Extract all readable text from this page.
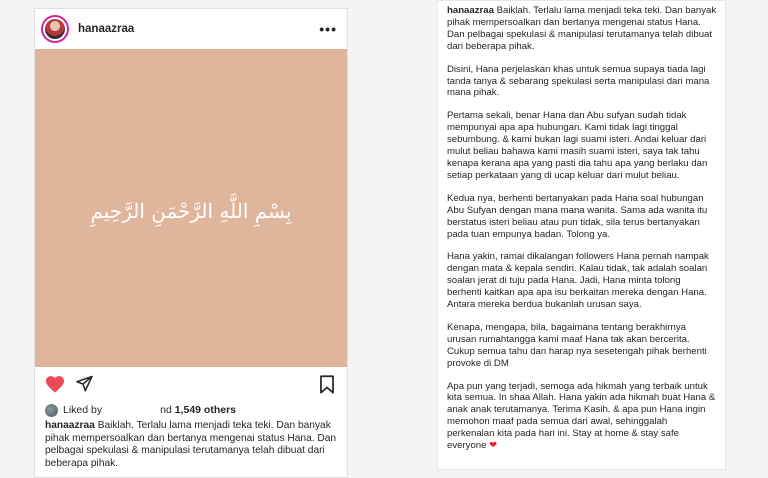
hanaazraa	•••
بِسْمِ اللَّهِ الرَّحْمَنِ الرَّحِيمِ
Liked by	nd
1,549 others
hanaazraa Baiklah. Terlalu lama menjadi teka teki. Dan banyak pihak mempersoalkan dan bertanya mengenai status Hana. Dan pelbagai spekulasi & manipulasi terutamanya telah dibuat dari beberapa pihak.

hanaazraa Baiklah. Terlalu lama menjadi teka teki. Dan banyak pihak mempersoalkan dan bertanya mengenai status Hana. Dan pelbagai spekulasi & manipulasi terutamanya telah dibuat dari beberapa pihak.

Disini, Hana perjelaskan khas untuk semua supaya tiada lagi tanda tanya & sebarang spekulasi serta manipulasi dari mana mana pihak.

Pertama sekali, benar Hana dan Abu sufyan sudah tidak mempunyai apa apa hubungan. Kami tidak lagi tinggal sebumbung. & kami bukan lagi suami isteri. Andai keluar dari mulut beliau bahawa kami masih suami isteri, saya tak tahu kenapa kerana apa yang pasti dia tahu apa yang berlaku dan setiap perkataan yang di ucap keluar dari mulut beliau.

Kedua nya, berhenti bertanyakan pada Hana soal hubungan Abu Sufyan dengan mana mana wanita. Sama ada wanita itu berstatus isteri beliau atau pun tidak, sila terus bertanyakan pada tuan empunya badan. Tolong ya.

Hana yakin, ramai dikalangan followers Hana pernah nampak dengan mata & kepala sendiri. Kalau tidak, tak adalah soalan soalan jerat di tuju pada Hana. Jadi, Hana minta tolong berhenti kaitkan apa apa isu berkaitan mereka dengan Hana. Antara mereka berdua bukanlah urusan saya.

Kenapa, mengapa, bila, bagaimana tentang berakhirnya urusan rumahtangga kami maaf Hana tak akan bercerita. Cukup semua tahu dan harap nya sesetengah pihak berhenti provoke di DM

Apa pun yang terjadi, semoga ada hikmah yang terbaik untuk kita semua. In shaa Allah. Hana yakin ada hikmah buat Hana & anak anak terutamanya. Terima Kasih. & apa pun Hana ingin memohon maaf pada semua dari awal, sehinggalah perkenalan kita pada hari ini. Stay at home & stay safe everyone ❤
